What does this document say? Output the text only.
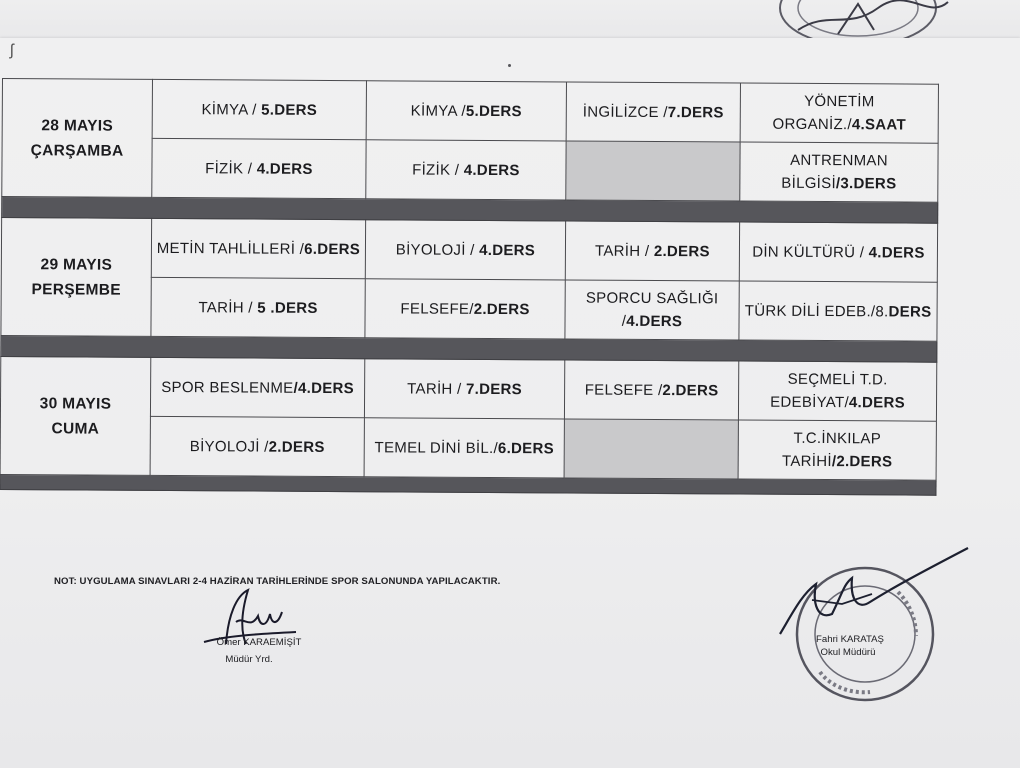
ʃ
28 MAYIS
ÇARŞAMBA	KİMYA / 5.DERS	KİMYA /5.DERS	İNGİLİZCE /7.DERS	YÖNETİM ORGANİZ./4.SAAT
	FİZİK / 4.DERS	FİZİK / 4.DERS		ANTRENMAN BİLGİSİ/3.DERS

29 MAYIS
PERŞEMBE	METİN TAHLİLLERİ /6.DERS	BİYOLOJİ / 4.DERS	TARİH / 2.DERS	DİN KÜLTÜRÜ / 4.DERS
	TARİH / 5 .DERS	FELSEFE/2.DERS	SPORCU SAĞLIĞI /4.DERS	TÜRK DİLİ EDEB./8.DERS

30 MAYIS
CUMA	SPOR BESLENME/4.DERS	TARİH / 7.DERS	FELSEFE /2.DERS	SEÇMELİ T.D.
EDEBİYAT/4.DERS
	BİYOLOJİ /2.DERS	TEMEL DİNİ BİL./6.DERS		T.C.İNKILAP TARİHİ/2.DERS

NOT: UYGULAMA SINAVLARI 2-4 HAZİRAN TARİHLERİNDE SPOR SALONUNDA YAPILACAKTIR.
Ömer KARAEMİŞİT
Müdür Yrd.
Fahri KARATAŞ
Okul Müdürü
